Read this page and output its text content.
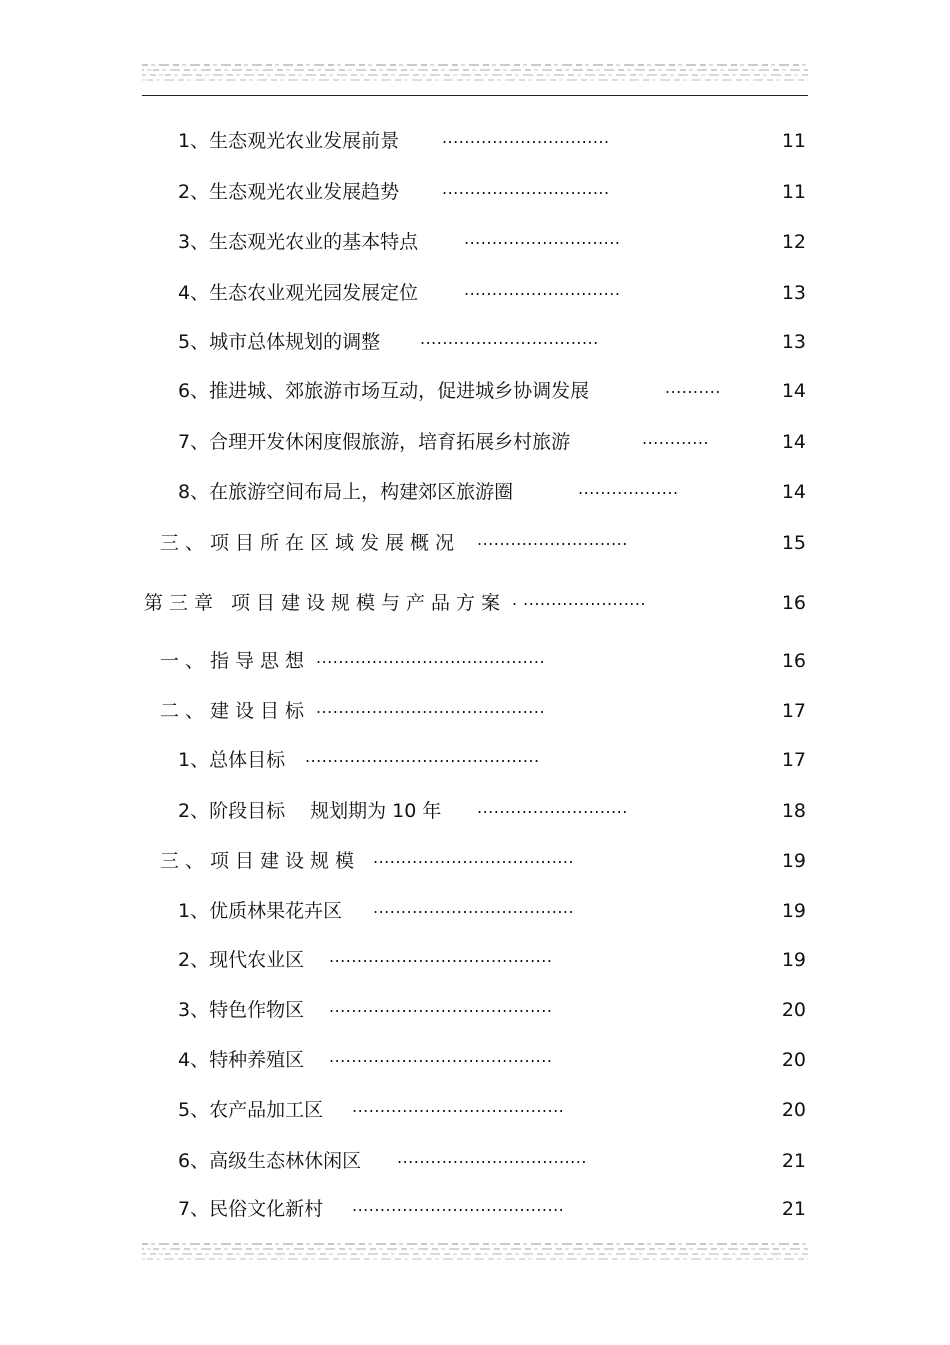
1、生态观光农业发展前景	..............................	11
2、生态观光农业发展趋势	..............................	11
3、生态观光农业的基本特点	............................	12
4、生态农业观光园发展定位	............................	13
5、城市总体规划的调整 ................................	13
6、推进城、郊旅游市场互动，促进城乡协调发展	..........	14
7、合理开发休闲度假旅游，培育拓展乡村旅游	............	14
8、在旅游空间布局上，构建郊区旅游圈	..................	14
三、项目所在区域发展概况 ...........................	15
第三章 项目建设规模与产品方案 . ......................	16
一、指导思想 .........................................	16
二、建设目标 .........................................	17
1、总体目标 ..........................................	17
2、阶段目标　 规划期为 10 年 ...........................	18
三、项目建设规模 ....................................	19
1、优质林果花卉区 ....................................	19
2、现代农业区 ........................................	19
3、特色作物区 ........................................	20
4、特种养殖区 ........................................	20
5、农产品加工区 ......................................	20
6、高级生态林休闲区 ..................................	21
7、民俗文化新村 ......................................	21
